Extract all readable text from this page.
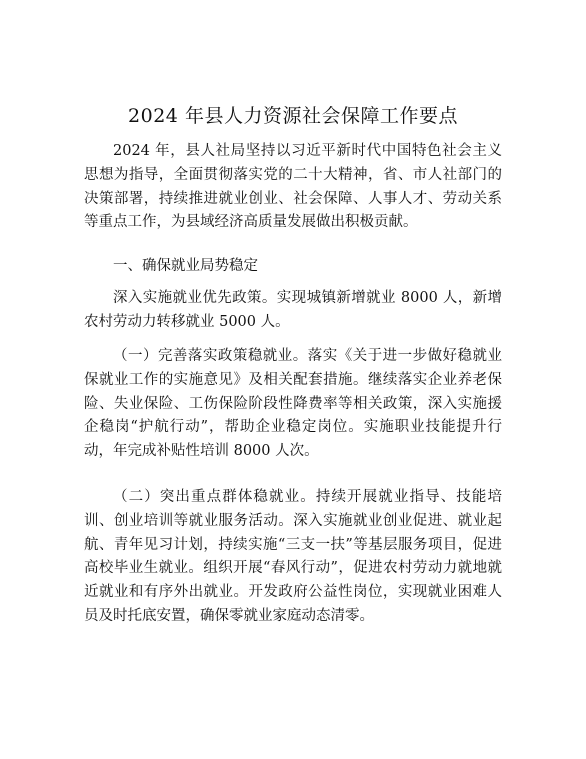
2024 年县人力资源社会保障工作要点

2024 年，县人社局坚持以习近平新时代中国特色社会主义思想为指导，全面贯彻落实党的二十大精神，省、市人社部门的决策部署，持续推进就业创业、社会保障、人事人才、劳动关系等重点工作，为县域经济高质量发展做出积极贡献。

一、确保就业局势稳定

深入实施就业优先政策。实现城镇新增就业 8000 人，新增农村劳动力转移就业 5000 人。

（一）完善落实政策稳就业。落实《关于进一步做好稳就业保就业工作的实施意见》及相关配套措施。继续落实企业养老保险、失业保险、工伤保险阶段性降费率等相关政策，深入实施援企稳岗“护航行动”，帮助企业稳定岗位。实施职业技能提升行动，年完成补贴性培训 8000 人次。

（二）突出重点群体稳就业。持续开展就业指导、技能培训、创业培训等就业服务活动。深入实施就业创业促进、就业起航、青年见习计划，持续实施“三支一扶”等基层服务项目，促进高校毕业生就业。组织开展“春风行动”，促进农村劳动力就地就近就业和有序外出就业。开发政府公益性岗位，实现就业困难人员及时托底安置，确保零就业家庭动态清零。
